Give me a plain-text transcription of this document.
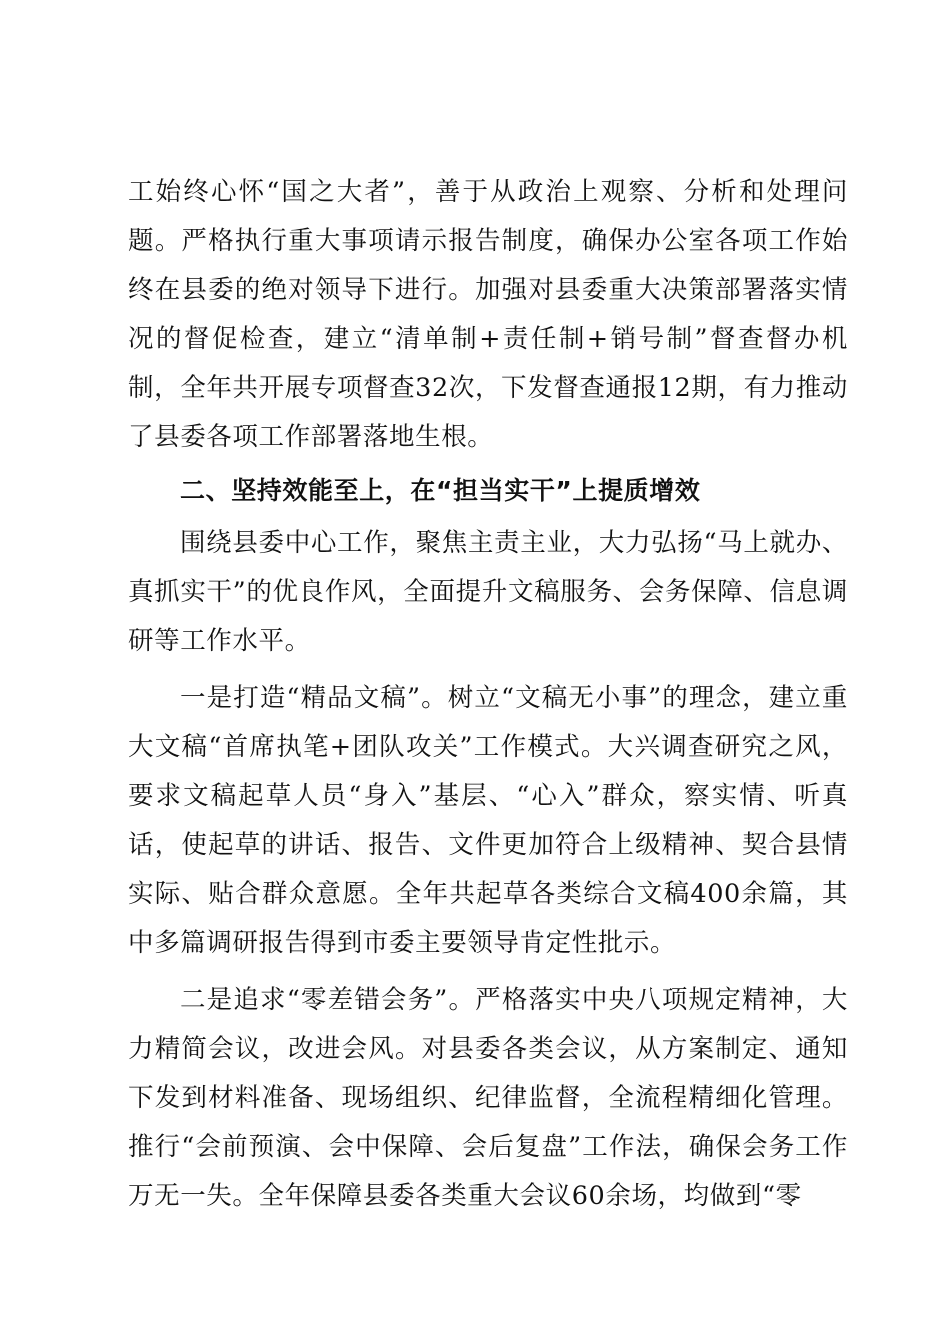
工始终心怀“国之大者”，善于从政治上观察、分析和处理问题。严格执行重大事项请示报告制度，确保办公室各项工作始终在县委的绝对领导下进行。加强对县委重大决策部署落实情况的督促检查，建立“清单制+责任制+销号制”督查督办机制，全年共开展专项督查32次，下发督查通报12期，有力推动了县委各项工作部署落地生根。

二、坚持效能至上，在“担当实干”上提质增效

围绕县委中心工作，聚焦主责主业，大力弘扬“马上就办、真抓实干”的优良作风，全面提升文稿服务、会务保障、信息调研等工作水平。

一是打造“精品文稿”。树立“文稿无小事”的理念，建立重大文稿“首席执笔+团队攻关”工作模式。大兴调查研究之风，要求文稿起草人员“身入”基层、“心入”群众，察实情、听真话，使起草的讲话、报告、文件更加符合上级精神、契合县情实际、贴合群众意愿。全年共起草各类综合文稿400余篇，其中多篇调研报告得到市委主要领导肯定性批示。

二是追求“零差错会务”。严格落实中央八项规定精神，大力精简会议，改进会风。对县委各类会议，从方案制定、通知下发到材料准备、现场组织、纪律监督，全流程精细化管理。推行“会前预演、会中保障、会后复盘”工作法，确保会务工作万无一失。全年保障县委各类重大会议60余场，均做到“零
